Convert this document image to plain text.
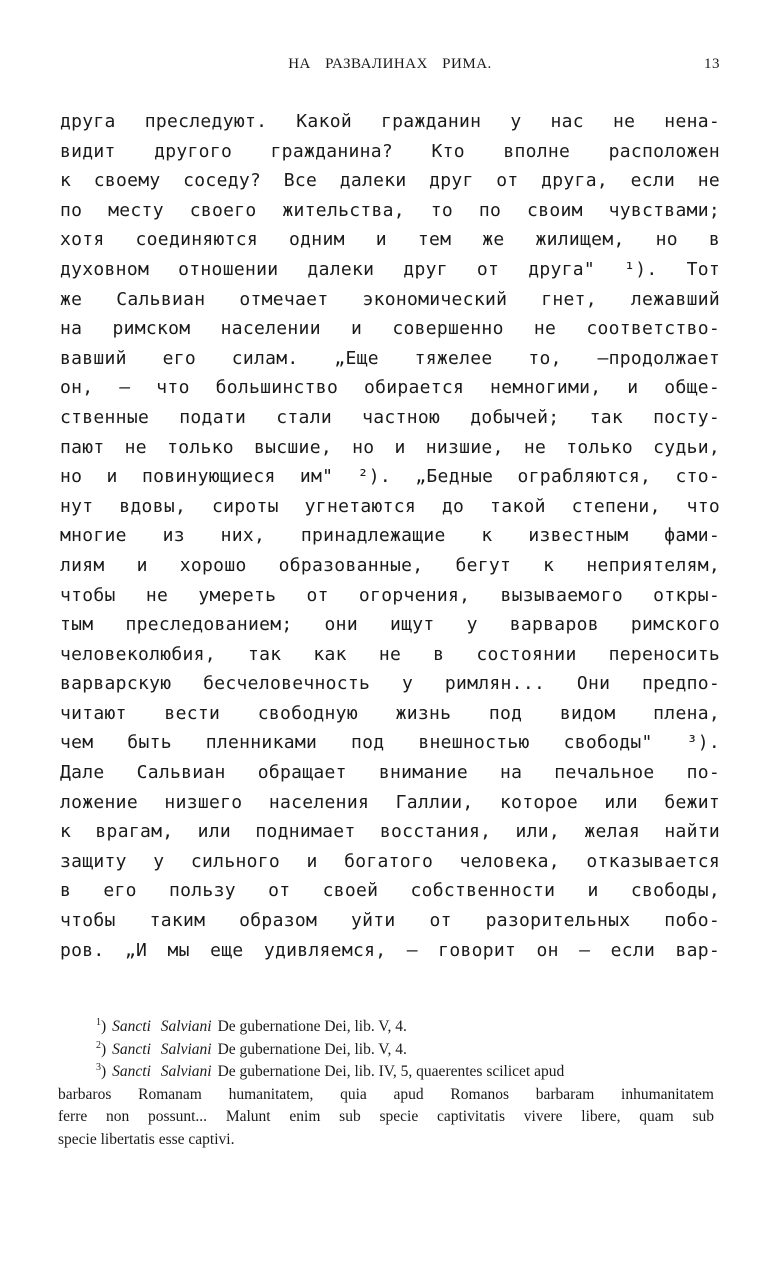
НА РАЗВАЛИНАХ РИМА.	13
друга преследуют. Какой гражданин у нас не нена-
видит другого гражданина? Кто вполне расположен
к своему соседу? Все далеки друг от друга, если не
по месту своего жительства, то по своим чувствами;
хотя соединяются одним и тем же жилищем, но в
духовном отношении далеки друг от друга" ¹). Тот
же Сальвиан отмечает экономический гнет, лежавший
на римском населении и совершенно не соответство-
вавший его силам. „Еще тяжелее то, —продолжает
он, — что большинство обирается немногими, и обще-
ственные подати стали частною добычей; так посту-
пают не только высшие, но и низшие, не только судьи,
но и повинующиеся им" ²). „Бедные ограбляются, сто-
нут вдовы, сироты угнетаются до такой степени, что
многие из них, принадлежащие к известным фами-
лиям и хорошо образованные, бегут к неприятелям,
чтобы не умереть от огорчения, вызываемого откры-
тым преследованием; они ищут у варваров римского
человеколюбия, так как не в состоянии переносить
варварскую бесчеловечность у римлян... Они предпо-
читают вести свободную жизнь под видом плена,
чем быть пленниками под внешностью свободы" ³).
Дале Сальвиан обращает внимание на печальное по-
ложение низшего населения Галлии, которое или бежит
к врагам, или поднимает восстания, или, желая найти
защиту у сильного и богатого человека, отказывается
в его пользу от своей собственности и свободы,
чтобы таким образом уйти от разорительных побо-
ров. „И мы еще удивляемся, — говорит он — если вар-
$^1$) Sancti Salviani De gubernatione Dei, lib. V, 4.
$^2$) Sancti Salviani De gubernatione Dei, lib. V, 4.
$^3$) Sancti Salviani De gubernatione Dei, lib. IV, 5, quaerentes scilicet apud
barbaros Romanam humanitatem, quia apud Romanos barbaram inhumanitatem
ferre non possunt... Malunt enim sub specie captivitatis vivere libere, quam sub
specie libertatis esse captivi.
